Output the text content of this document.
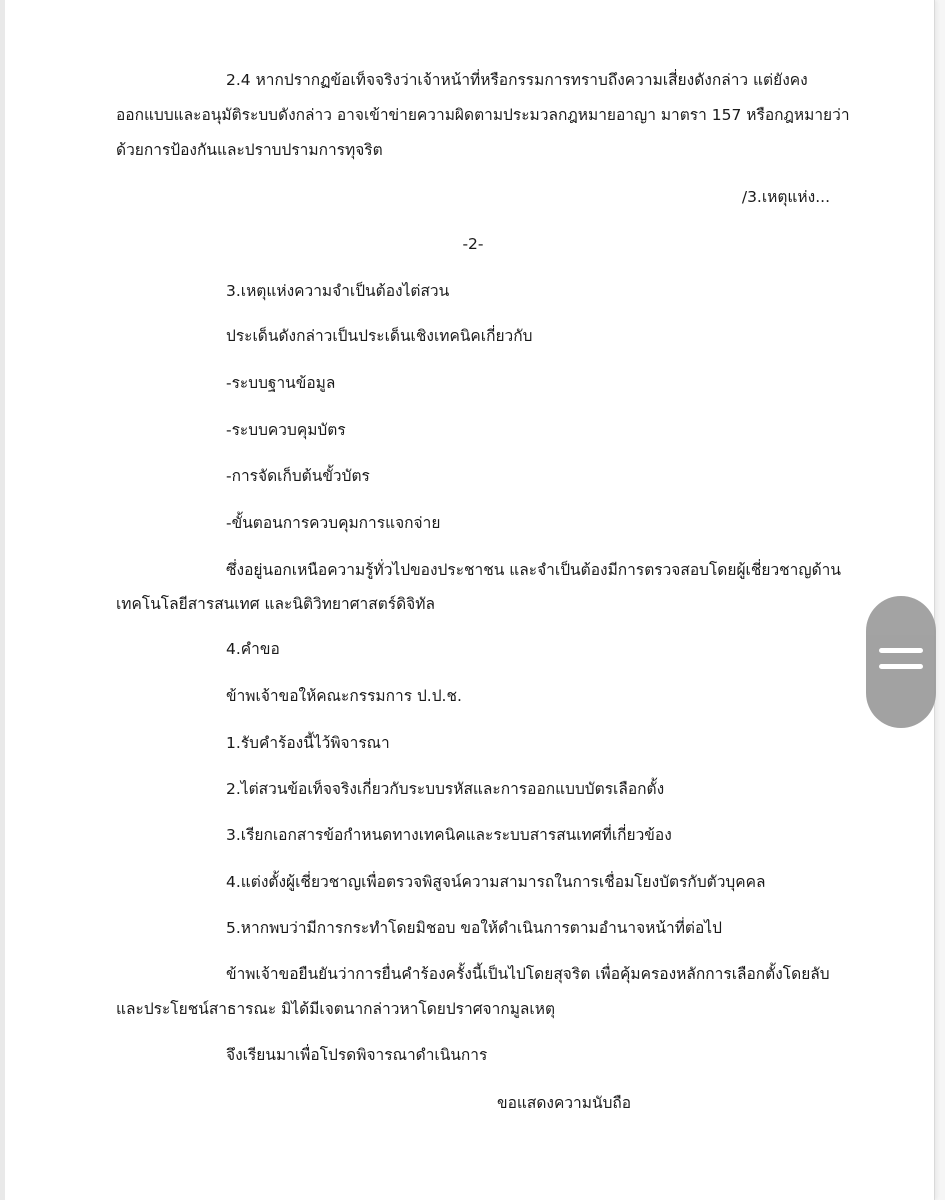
2.4 หากปรากฏข้อเท็จจริงว่าเจ้าหน้าที่หรือกรรมการทราบถึงความเสี่ยงดังกล่าว แต่ยังคง

ออกแบบและอนุมัติระบบดังกล่าว อาจเข้าข่ายความผิดตามประมวลกฎหมายอาญา มาตรา 157 หรือกฎหมายว่า

ด้วยการป้องกันและปราบปรามการทุจริต

/3.เหตุแห่ง...

-2-

3.เหตุแห่งความจำเป็นต้องไต่สวน

ประเด็นดังกล่าวเป็นประเด็นเชิงเทคนิคเกี่ยวกับ

-ระบบฐานข้อมูล

-ระบบควบคุมบัตร

-การจัดเก็บต้นขั้วบัตร

-ขั้นตอนการควบคุมการแจกจ่าย

ซึ่งอยู่นอกเหนือความรู้ทั่วไปของประชาชน และจำเป็นต้องมีการตรวจสอบโดยผู้เชี่ยวชาญด้าน

เทคโนโลยีสารสนเทศ และนิติวิทยาศาสตร์ดิจิทัล

4.คำขอ

ข้าพเจ้าขอให้คณะกรรมการ ป.ป.ช.

1.รับคำร้องนี้ไว้พิจารณา

2.ไต่สวนข้อเท็จจริงเกี่ยวกับระบบรหัสและการออกแบบบัตรเลือกตั้ง

3.เรียกเอกสารข้อกำหนดทางเทคนิคและระบบสารสนเทศที่เกี่ยวข้อง

4.แต่งตั้งผู้เชี่ยวชาญเพื่อตรวจพิสูจน์ความสามารถในการเชื่อมโยงบัตรกับตัวบุคคล

5.หากพบว่ามีการกระทำโดยมิชอบ ขอให้ดำเนินการตามอำนาจหน้าที่ต่อไป

ข้าพเจ้าขอยืนยันว่าการยื่นคำร้องครั้งนี้เป็นไปโดยสุจริต เพื่อคุ้มครองหลักการเลือกตั้งโดยลับ

และประโยชน์สาธารณะ มิได้มีเจตนากล่าวหาโดยปราศจากมูลเหตุ

จึงเรียนมาเพื่อโปรดพิจารณาดำเนินการ

ขอแสดงความนับถือ
